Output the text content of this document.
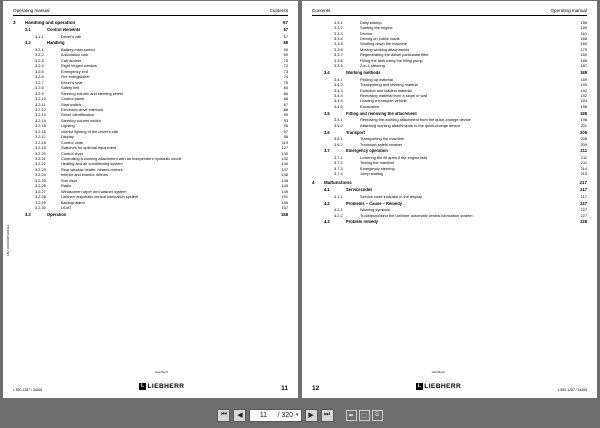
Operating manual	Contents
3	Handling and operation	67
3.1	Control elements	67
3.1.1	Driver's cab	67
3.2	Handling	69
3.2.1	Battery main switch	69
3.2.2	Articulation lock	69
3.2.3	Cab access	70
3.2.4	Right hinged window	72
3.2.5	Emergency exit	73
3.2.6	Fire extinguisher	74
3.2.7	Driver's seat	75
3.2.8	Safety belt	84
3.2.9	Steering column and steering wheel	86
3.2.10	Control panel	86
3.2.11	Start switch	87
3.2.12	Electronic drive interlock	88
3.2.13	Driver identification	90
3.2.14	Steering column switch	93
3.2.15	Lighting	95
3.2.16	Interior lighting of the driver's cab	97
3.2.17	Display	98
3.2.18	Control units	119
3.2.19	Switches for optional equipment	127
3.2.20	Control lever	130
3.2.21	Controlling a working attachment with an independent hydraulic circuit	132
3.2.22	Heating and air conditioning system	144
3.2.23	Rear window heater, heated mirrors	147
3.2.24	Interior and exterior mirrors	148
3.2.25	Sun visor	148
3.2.26	Radio	149
3.2.27	Windscreen wiper and washer system	149
3.2.28	Liebherr automatic central lubrication system	151
3.2.29	Backup alarm	156
3.2.30	LiDAT	157
3.3	Operation	158
LBH 10683/0/05/2013en
L 550-1287 / 34465
Handbuch
L LIEBHERR	11
Contents	Operating manual
3.3.1	Daily startup	158
3.3.2	Starting the engine	159
3.3.3	Driving	161
3.3.4	Driving on public roads	168
3.3.5	Shutting down the machine	169
3.3.6	Moving working attachments	175
3.3.7	Regenerating the diesel particulate filter	180
3.3.8	Filling the tank using the filling pump	186
3.3.9	2-in-1 steering	187
3.4	Working methods	189
3.4.1	Picking up material	189
3.4.2	Transporting and leveling material	190
3.4.3	Dumping and loading material	192
3.4.4	Removing material from a slope or wall	192
3.4.5	Loading a transport vehicle	194
3.4.6	Excavation	196
3.5	Fitting and removing the attachment	198
3.5.1	Removing the working attachment from the quick-change device	198
3.5.2	Attaching working attachments to the quick-change device	201
3.6	Transport	205
3.6.1	Transporting the machine	205
3.6.2	Transport safety retainer	209
3.7	Emergency operation	211
3.7.1	Lowering the lift arms if the engine fails	211
3.7.2	Towing the machine	211
3.7.3	Emergency steering	214
3.7.4	Jump starting	215
4	Malfunctions	217
4.1	Servicecodes	217
4.1.1	Service code indicator in the display	217
4.2	Problems – Cause – Remedy	227
4.2.1	Warning symbols	227
4.2.2	Troubleshooting the Liebherr automatic central lubrication system	227
4.3	Problem remedy	228
12
Handbuch
L LIEBHERR	L 550-1287 / 34465
⏮	◀	11	/ 320 ▾	▶	⏭	⬌	⬚	⌸
